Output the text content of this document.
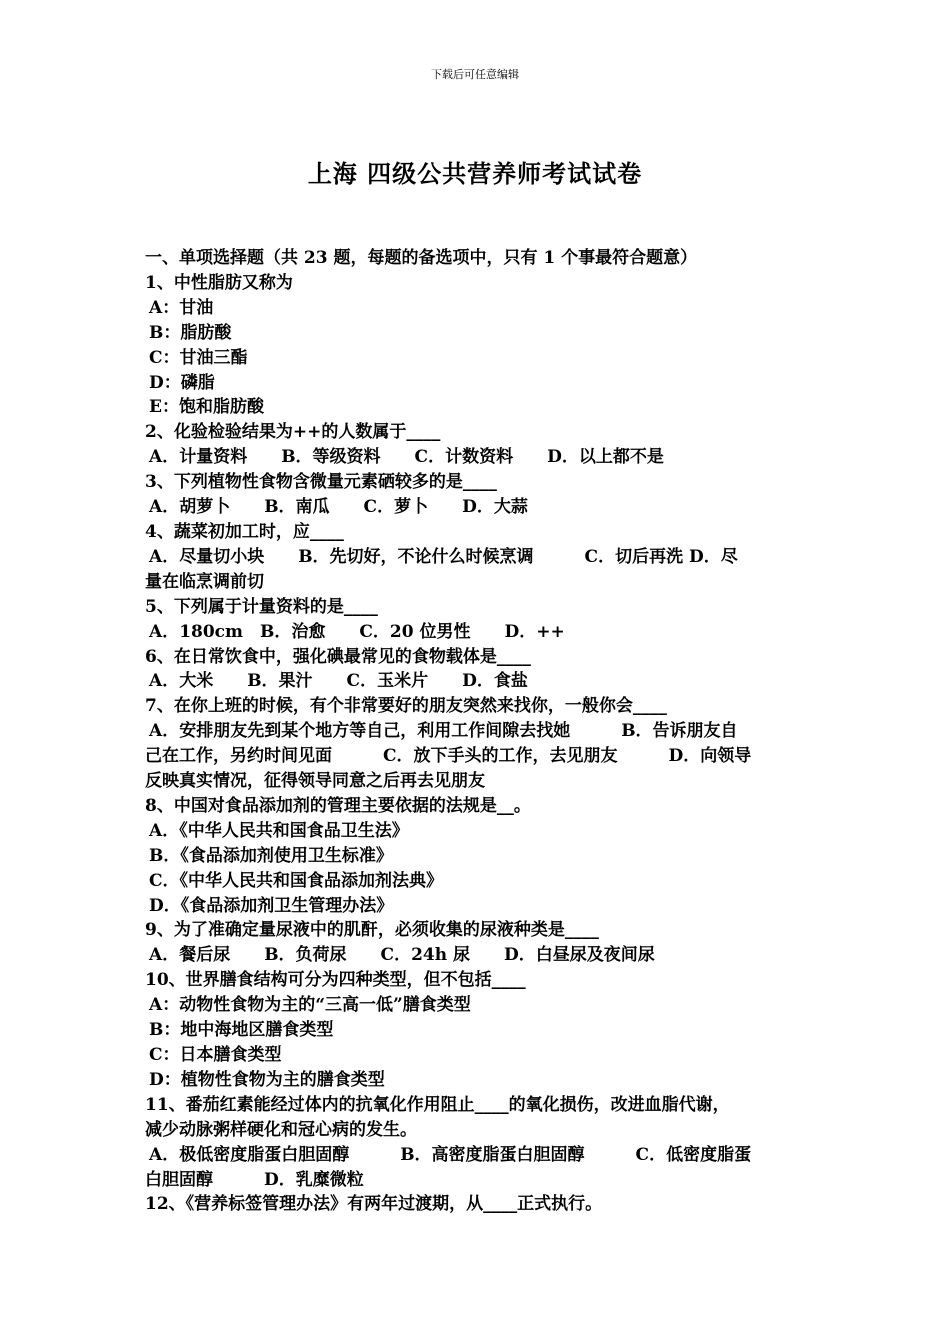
下载后可任意编辑
上海 四级公共营养师考试试卷
一、单项选择题（共 23 题，每题的备选项中，只有 1 个事最符合题意）
1、中性脂肪又称为
A：甘油
B：脂肪酸
C：甘油三酯
D：磷脂
E：饱和脂肪酸
2、化验检验结果为++的人数属于____
A．计量资料　　B．等级资料　　C．计数资料　　D．以上都不是
3、下列植物性食物含微量元素硒较多的是____
A．胡萝卜　　B．南瓜　　C．萝卜　　D．大蒜
4、蔬菜初加工时，应____
A．尽量切小块　　B．先切好，不论什么时候烹调　　　C．切后再洗 D．尽
量在临烹调前切
5、下列属于计量资料的是____
A．180cm　B．治愈　　C．20 位男性　　D．++
6、在日常饮食中，强化碘最常见的食物载体是____
A．大米　　B．果汁　　C．玉米片　　D．食盐
7、在你上班的时候，有个非常要好的朋友突然来找你，一般你会____
A．安排朋友先到某个地方等自己，利用工作间隙去找她　　　B．告诉朋友自
己在工作，另约时间见面　　　C．放下手头的工作，去见朋友　　　D．向领导
反映真实情况，征得领导同意之后再去见朋友
8、中国对食品添加剂的管理主要依据的法规是__。
A．《中华人民共和国食品卫生法》
B．《食品添加剂使用卫生标准》
C．《中华人民共和国食品添加剂法典》
D．《食品添加剂卫生管理办法》
9、为了准确定量尿液中的肌酐，必须收集的尿液种类是____
A．餐后尿　　B．负荷尿　　C．24h 尿　　D．白昼尿及夜间尿
10、世界膳食结构可分为四种类型，但不包括____
A：动物性食物为主的“三高一低”膳食类型
B：地中海地区膳食类型
C：日本膳食类型
D：植物性食物为主的膳食类型
11、番茄红素能经过体内的抗氧化作用阻止____的氧化损伤，改进血脂代谢，
减少动脉粥样硬化和冠心病的发生。
A．极低密度脂蛋白胆固醇　　　B．高密度脂蛋白胆固醇　　　C．低密度脂蛋
白胆固醇　　　D．乳糜微粒
12、《营养标签管理办法》有两年过渡期，从____正式执行。
